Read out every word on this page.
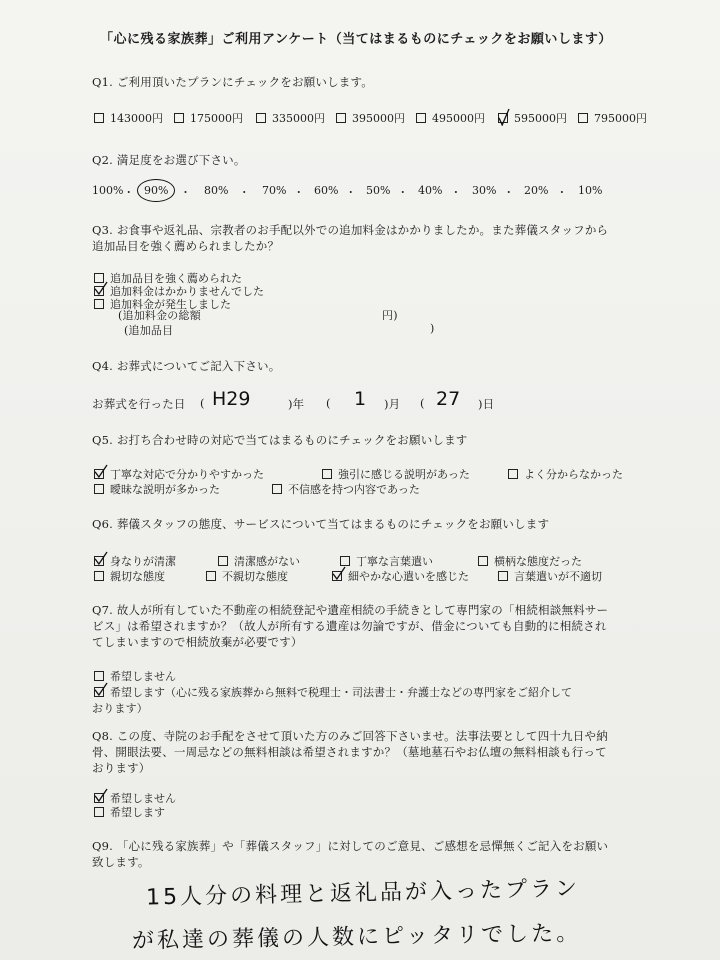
「心に残る家族葬」ご利用アンケート（当てはまるものにチェックをお願いします）
Q1. ご利用頂いたプランにチェックをお願いします。
143000円	175000円	335000円	395000円	495000円	595000円	795000円
Q2. 満足度をお選び下さい。
100% ・ 90%	・ 80% ・ 70% ・ 60% ・ 50% ・ 40% ・ 30% ・ 20% ・ 10%
Q3. お食事や返礼品、宗教者のお手配以外での追加料金はかかりましたか。また葬儀スタッフから
追加品目を強く薦められましたか？
追加品目を強く薦められた
追加料金はかかりませんでした
追加料金が発生しました
(追加料金の総額	円)
(追加品目	)
Q4. お葬式についてご記入下さい。
お葬式を行った日 ( H29	)年 ( 1 )月 ( 27 )日
Q5. お打ち合わせ時の対応で当てはまるものにチェックをお願いします
丁寧な対応で分かりやすかった	強引に感じる説明があった	よく分からなかった
曖昧な説明が多かった	不信感を持つ内容であった
Q6. 葬儀スタッフの態度、サービスについて当てはまるものにチェックをお願いします
身なりが清潔	清潔感がない	丁寧な言葉遣い	横柄な態度だった
親切な態度	不親切な態度	細やかな心遣いを感じた	言葉遣いが不適切
Q7. 故人が所有していた不動産の相続登記や遺産相続の手続きとして専門家の「相続相談無料サー
ビス」は希望されますか？（故人が所有する遺産は勿論ですが、借金についても自動的に相続され
てしまいますので相続放棄が必要です）
希望しません
希望します（心に残る家族葬から無料で税理士・司法書士・弁護士などの専門家をご紹介して
おります）
Q8. この度、寺院のお手配をさせて頂いた方のみご回答下さいませ。法事法要として四十九日や納
骨、開眼法要、一周忌などの無料相談は希望されますか？（墓地墓石やお仏壇の無料相談も行って
おります）
希望しません
希望します
Q9. 「心に残る家族葬」や「葬儀スタッフ」に対してのご意見、ご感想を忌憚無くご記入をお願い
致します。
15人分の料理と返礼品が入ったプラン
が私達の葬儀の人数にピッタリでした。
